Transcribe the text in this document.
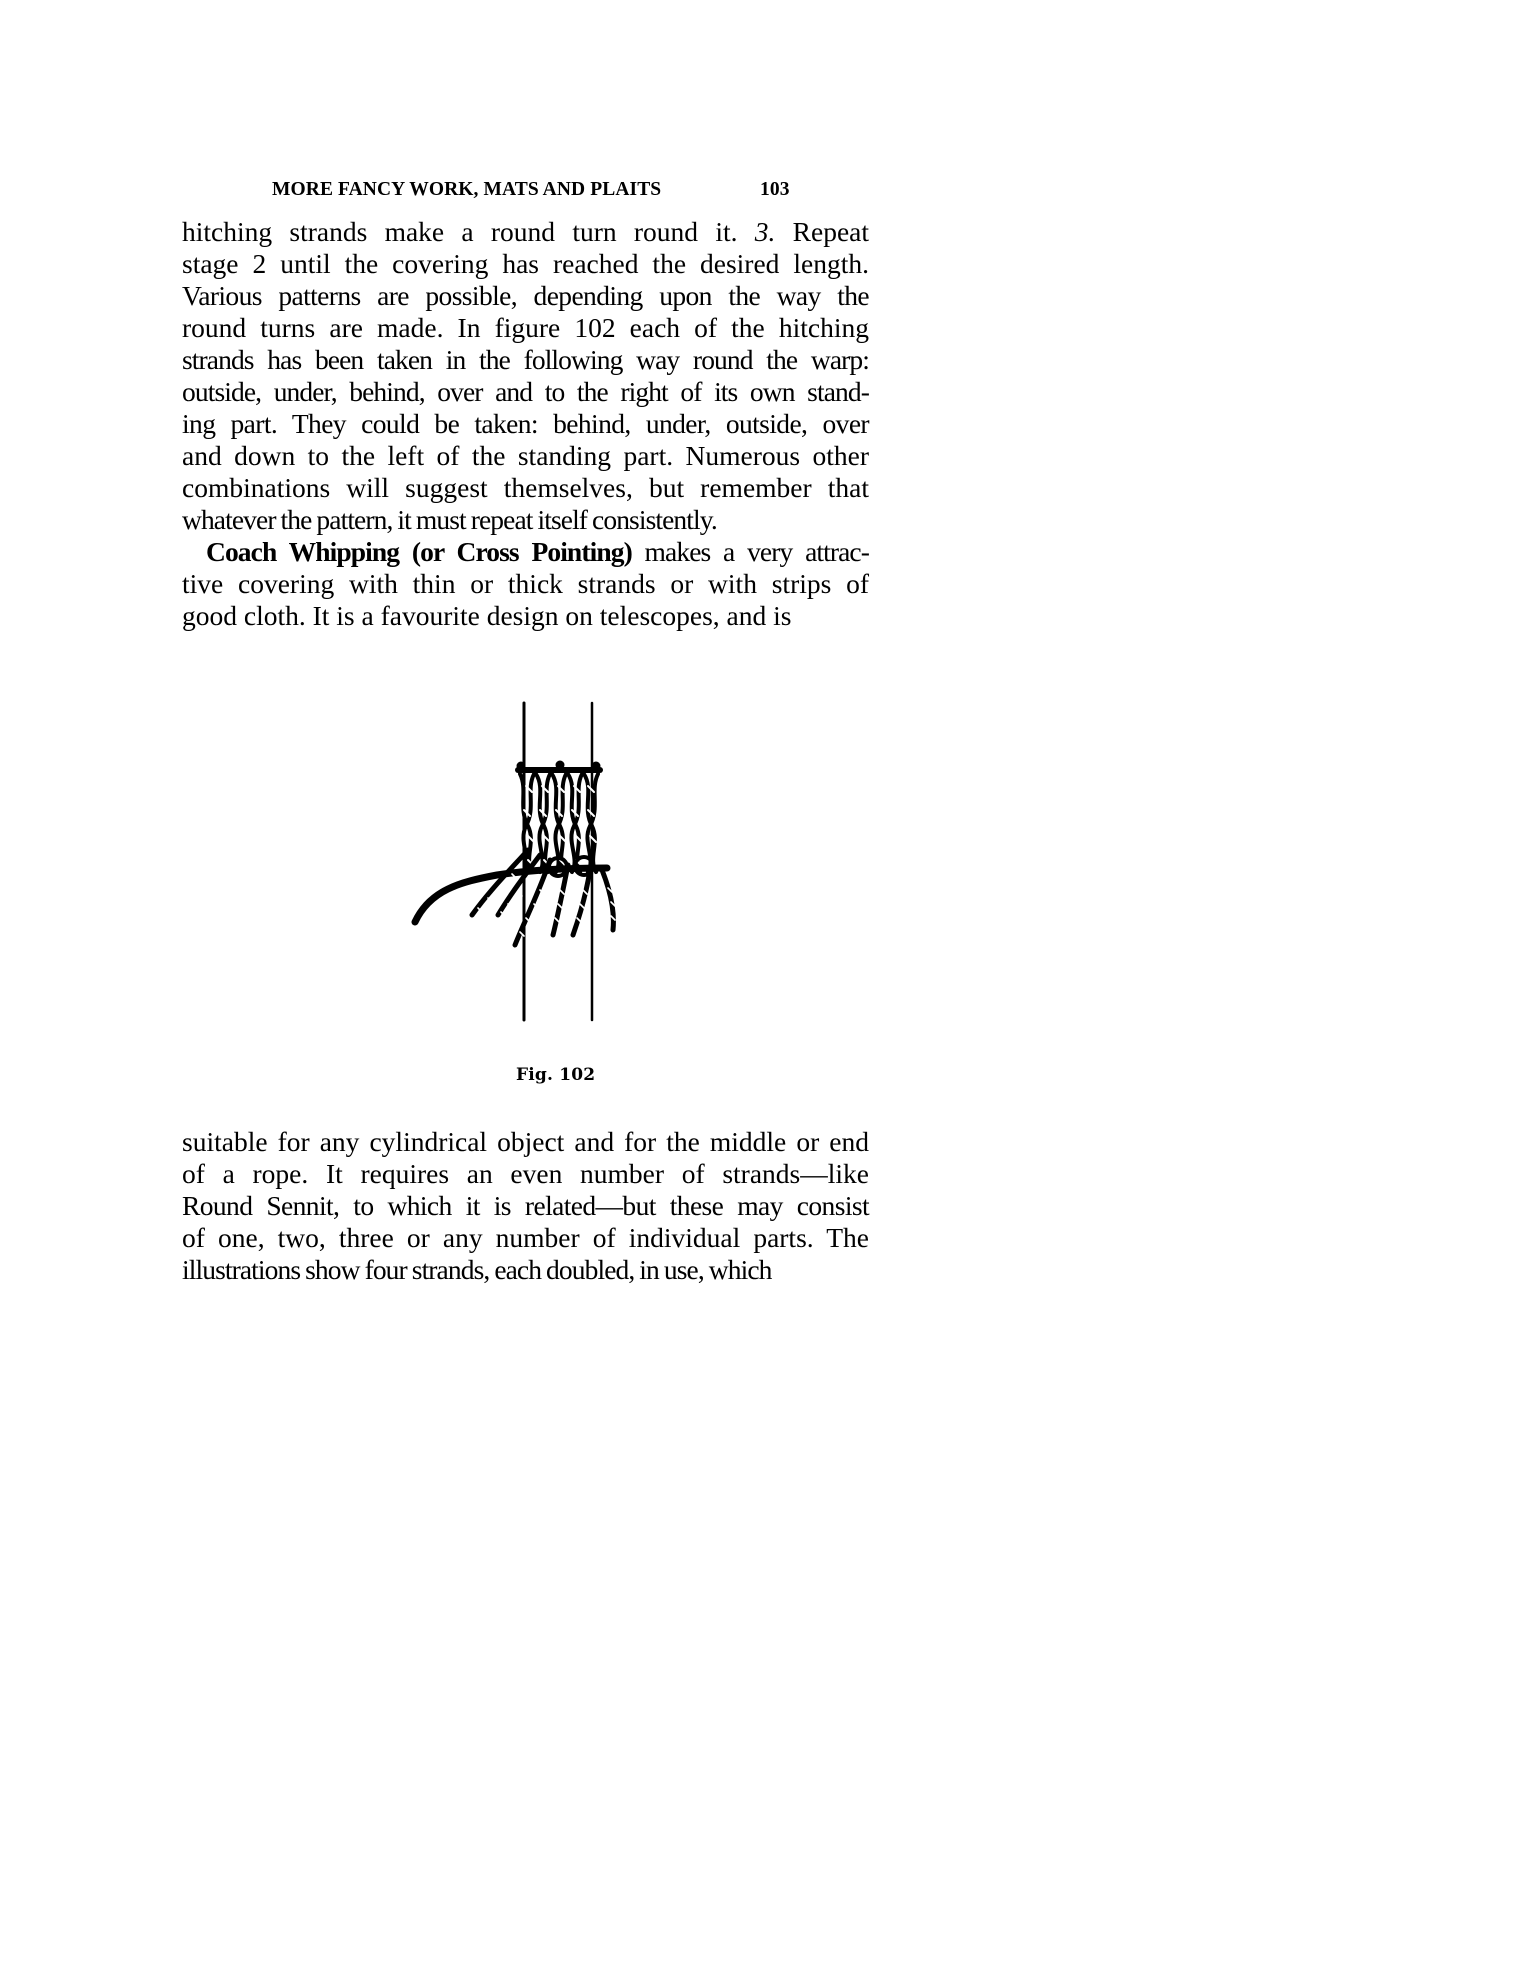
MORE FANCY WORK, MATS AND PLAITS	103
hitching strands make a round turn round it. 3. Repeat
stage 2 until the covering has reached the desired length.
Various patterns are possible, depending upon the way the
round turns are made. In figure 102 each of the hitching
strands has been taken in the following way round the warp:
outside, under, behind, over and to the right of its own stand-
ing part. They could be taken: behind, under, outside, over
and down to the left of the standing part. Numerous other
combinations will suggest themselves, but remember that
whatever the pattern, it must repeat itself consistently.
Coach Whipping (or Cross Pointing) makes a very attrac-
tive covering with thin or thick strands or with strips of
good cloth. It is a favourite design on telescopes, and is
Fig. 102
suitable for any cylindrical object and for the middle or end
of a rope. It requires an even number of strands—like
Round Sennit, to which it is related—but these may consist
of one, two, three or any number of individual parts. The
illustrations show four strands, each doubled, in use, which
